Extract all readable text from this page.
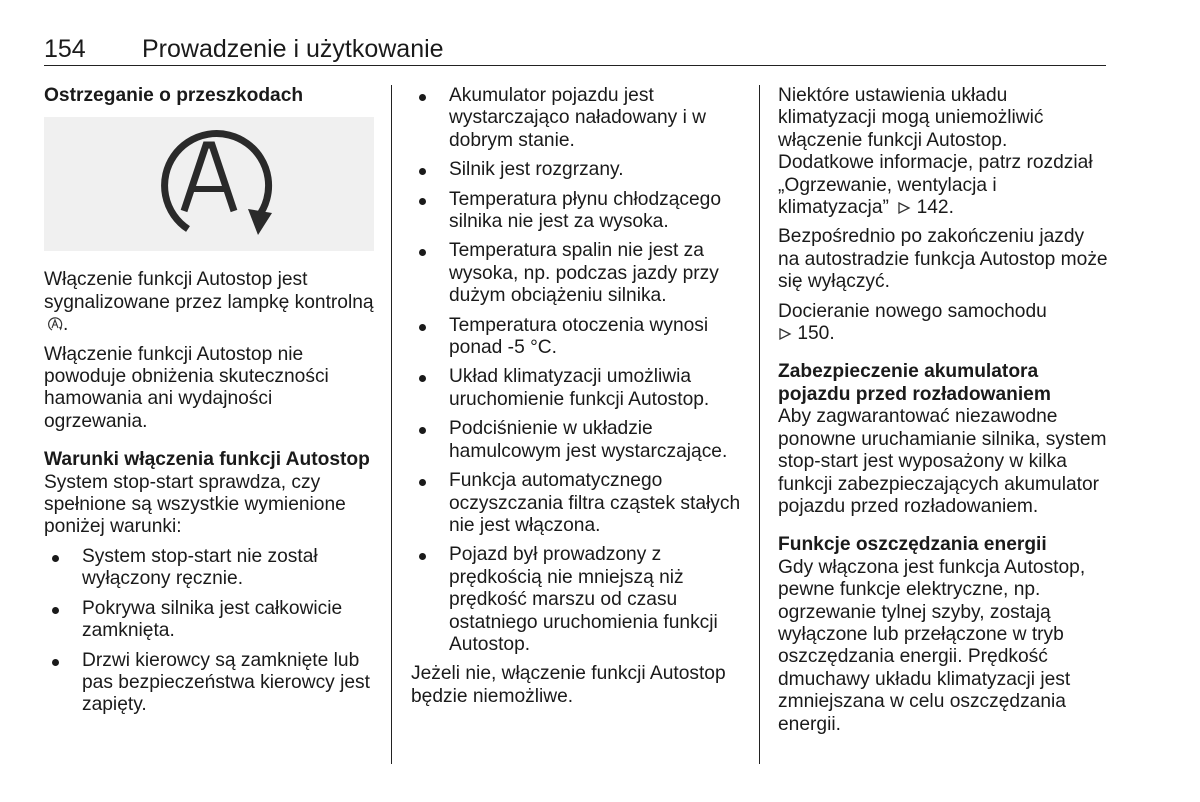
154 Prowadzenie i użytkowanie

Ostrzeganie o przeszkodach

Włączenie funkcji Autostop jest sygnalizowane przez lampkę kontrolną .

Włączenie funkcji Autostop nie powoduje obniżenia skuteczności hamowania ani wydajności ogrzewania.

Warunki włączenia funkcji Autostop

System stop-start sprawdza, czy spełnione są wszystkie wymienione poniżej warunki:

System stop-start nie został wyłączony ręcznie.
Pokrywa silnika jest całkowicie zamknięta.
Drzwi kierowcy są zamknięte lub pas bezpieczeństwa kierowcy jest zapięty.
Akumulator pojazdu jest wystarczająco naładowany i w dobrym stanie.
Silnik jest rozgrzany.
Temperatura płynu chłodzącego silnika nie jest za wysoka.
Temperatura spalin nie jest za wysoka, np. podczas jazdy przy dużym obciążeniu silnika.
Temperatura otoczenia wynosi ponad -5 °C.
Układ klimatyzacji umożliwia uruchomienie funkcji Autostop.
Podciśnienie w układzie hamulcowym jest wystarczające.
Funkcja automatycznego oczyszczania filtra cząstek stałych nie jest włączona.
Pojazd był prowadzony z prędkością nie mniejszą niż prędkość marszu od czasu ostatniego uruchomienia funkcji Autostop.

Jeżeli nie, włączenie funkcji Autostop będzie niemożliwe.

Niektóre ustawienia układu klimatyzacji mogą uniemożliwić włączenie funkcji Autostop. Dodatkowe informacje, patrz rozdział „Ogrzewanie, wentylacja i klimatyzacja” 142.

Bezpośrednio po zakończeniu jazdy na autostradzie funkcja Autostop może się wyłączyć.

Docieranie nowego samochodu
150.

Zabezpieczenie akumulatora pojazdu przed rozładowaniem

Aby zagwarantować niezawodne ponowne uruchamianie silnika, system stop-start jest wyposażony w kilka funkcji zabezpieczających akumulator pojazdu przed rozładowaniem.

Funkcje oszczędzania energii

Gdy włączona jest funkcja Autostop, pewne funkcje elektryczne, np. ogrzewanie tylnej szyby, zostają wyłączone lub przełączone w tryb oszczędzania energii. Prędkość dmuchawy układu klimatyzacji jest zmniejszana w celu oszczędzania energii.
